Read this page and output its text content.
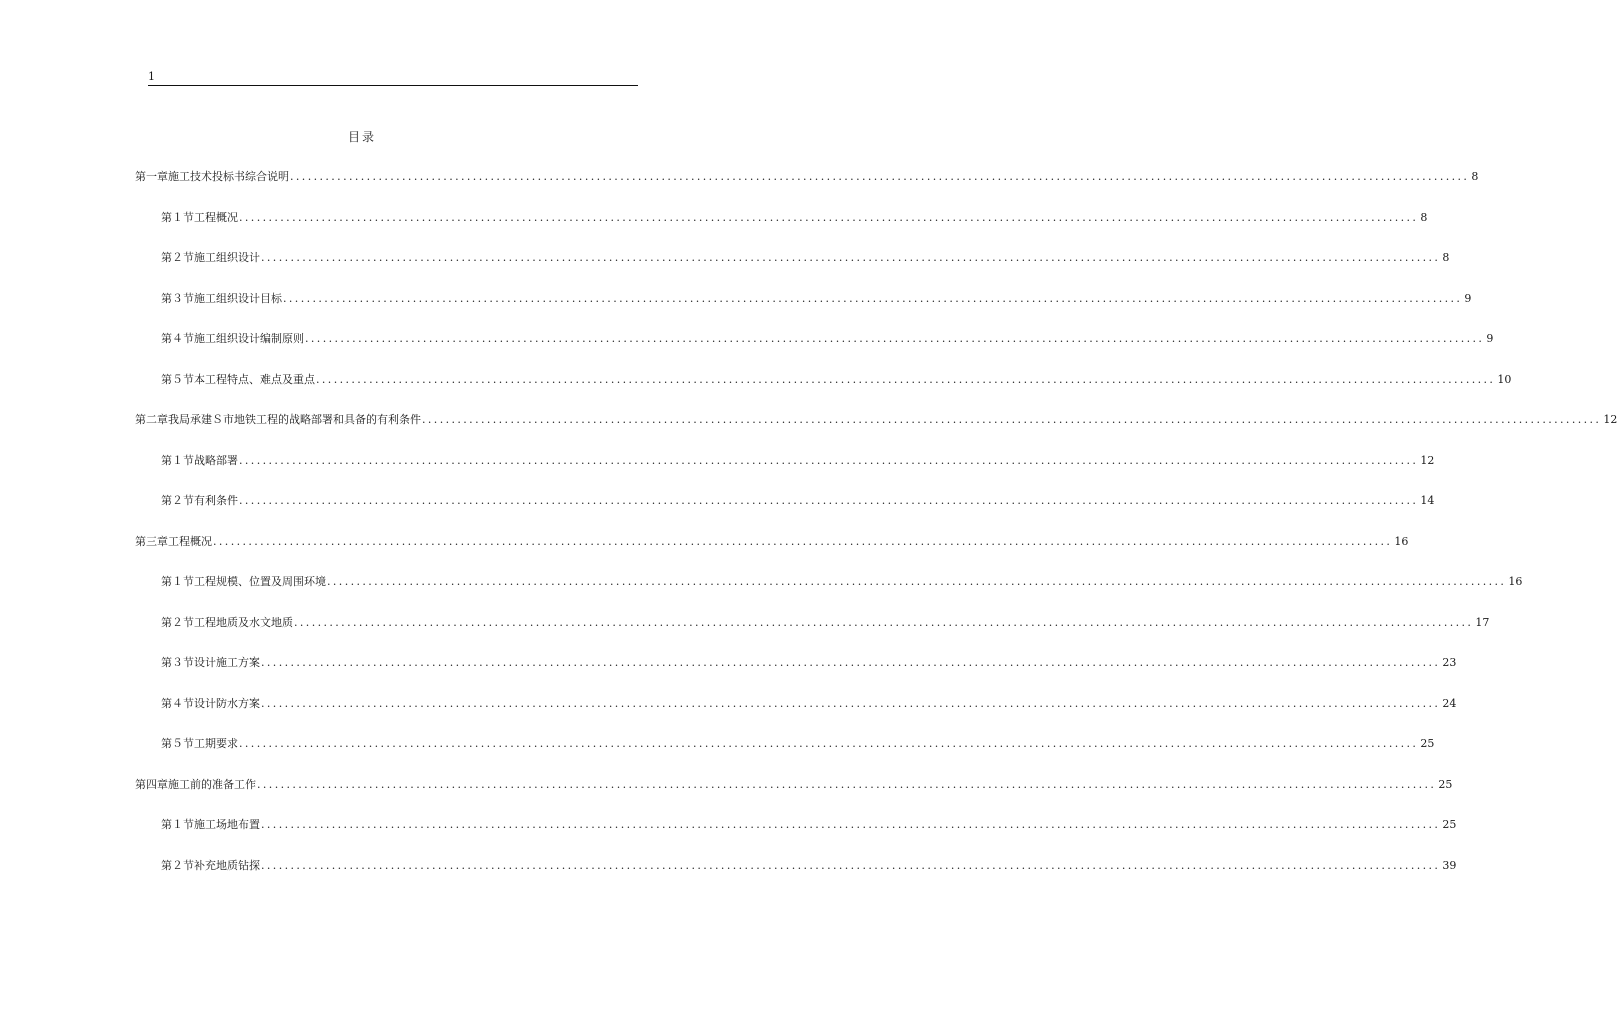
1
目录
第一章 施工技术投标书综合说明 ........................................................................................................................................................................................................ 8
第１节 工程概况 ........................................................................................................................................................................................................ 8
第２节 施工组织设计 ........................................................................................................................................................................................................ 8
第３节 施工组织设计目标 ........................................................................................................................................................................................................ 9
第４节 施工组织设计编制原则 ........................................................................................................................................................................................................ 9
第５节 本工程特点、难点及重点 ........................................................................................................................................................................................................ 10
第二章 我局承建Ｓ市地铁工程的战略部署和具备的有利条件 ........................................................................................................................................................................................................ 12
第１节 战略部署 ........................................................................................................................................................................................................ 12
第２节 有利条件 ........................................................................................................................................................................................................ 14
第三章 工程概况 ........................................................................................................................................................................................................ 16
第１节 工程规模、位置及周围环境 ........................................................................................................................................................................................................ 16
第２节 工程地质及水文地质 ........................................................................................................................................................................................................ 17
第３节 设计施工方案 ........................................................................................................................................................................................................ 23
第４节 设计防水方案 ........................................................................................................................................................................................................ 24
第５节 工期要求 ........................................................................................................................................................................................................ 25
第四章 施工前的准备工作 ........................................................................................................................................................................................................ 25
第１节 施工场地布置 ........................................................................................................................................................................................................ 25
第２节 补充地质钻探 ........................................................................................................................................................................................................ 39
